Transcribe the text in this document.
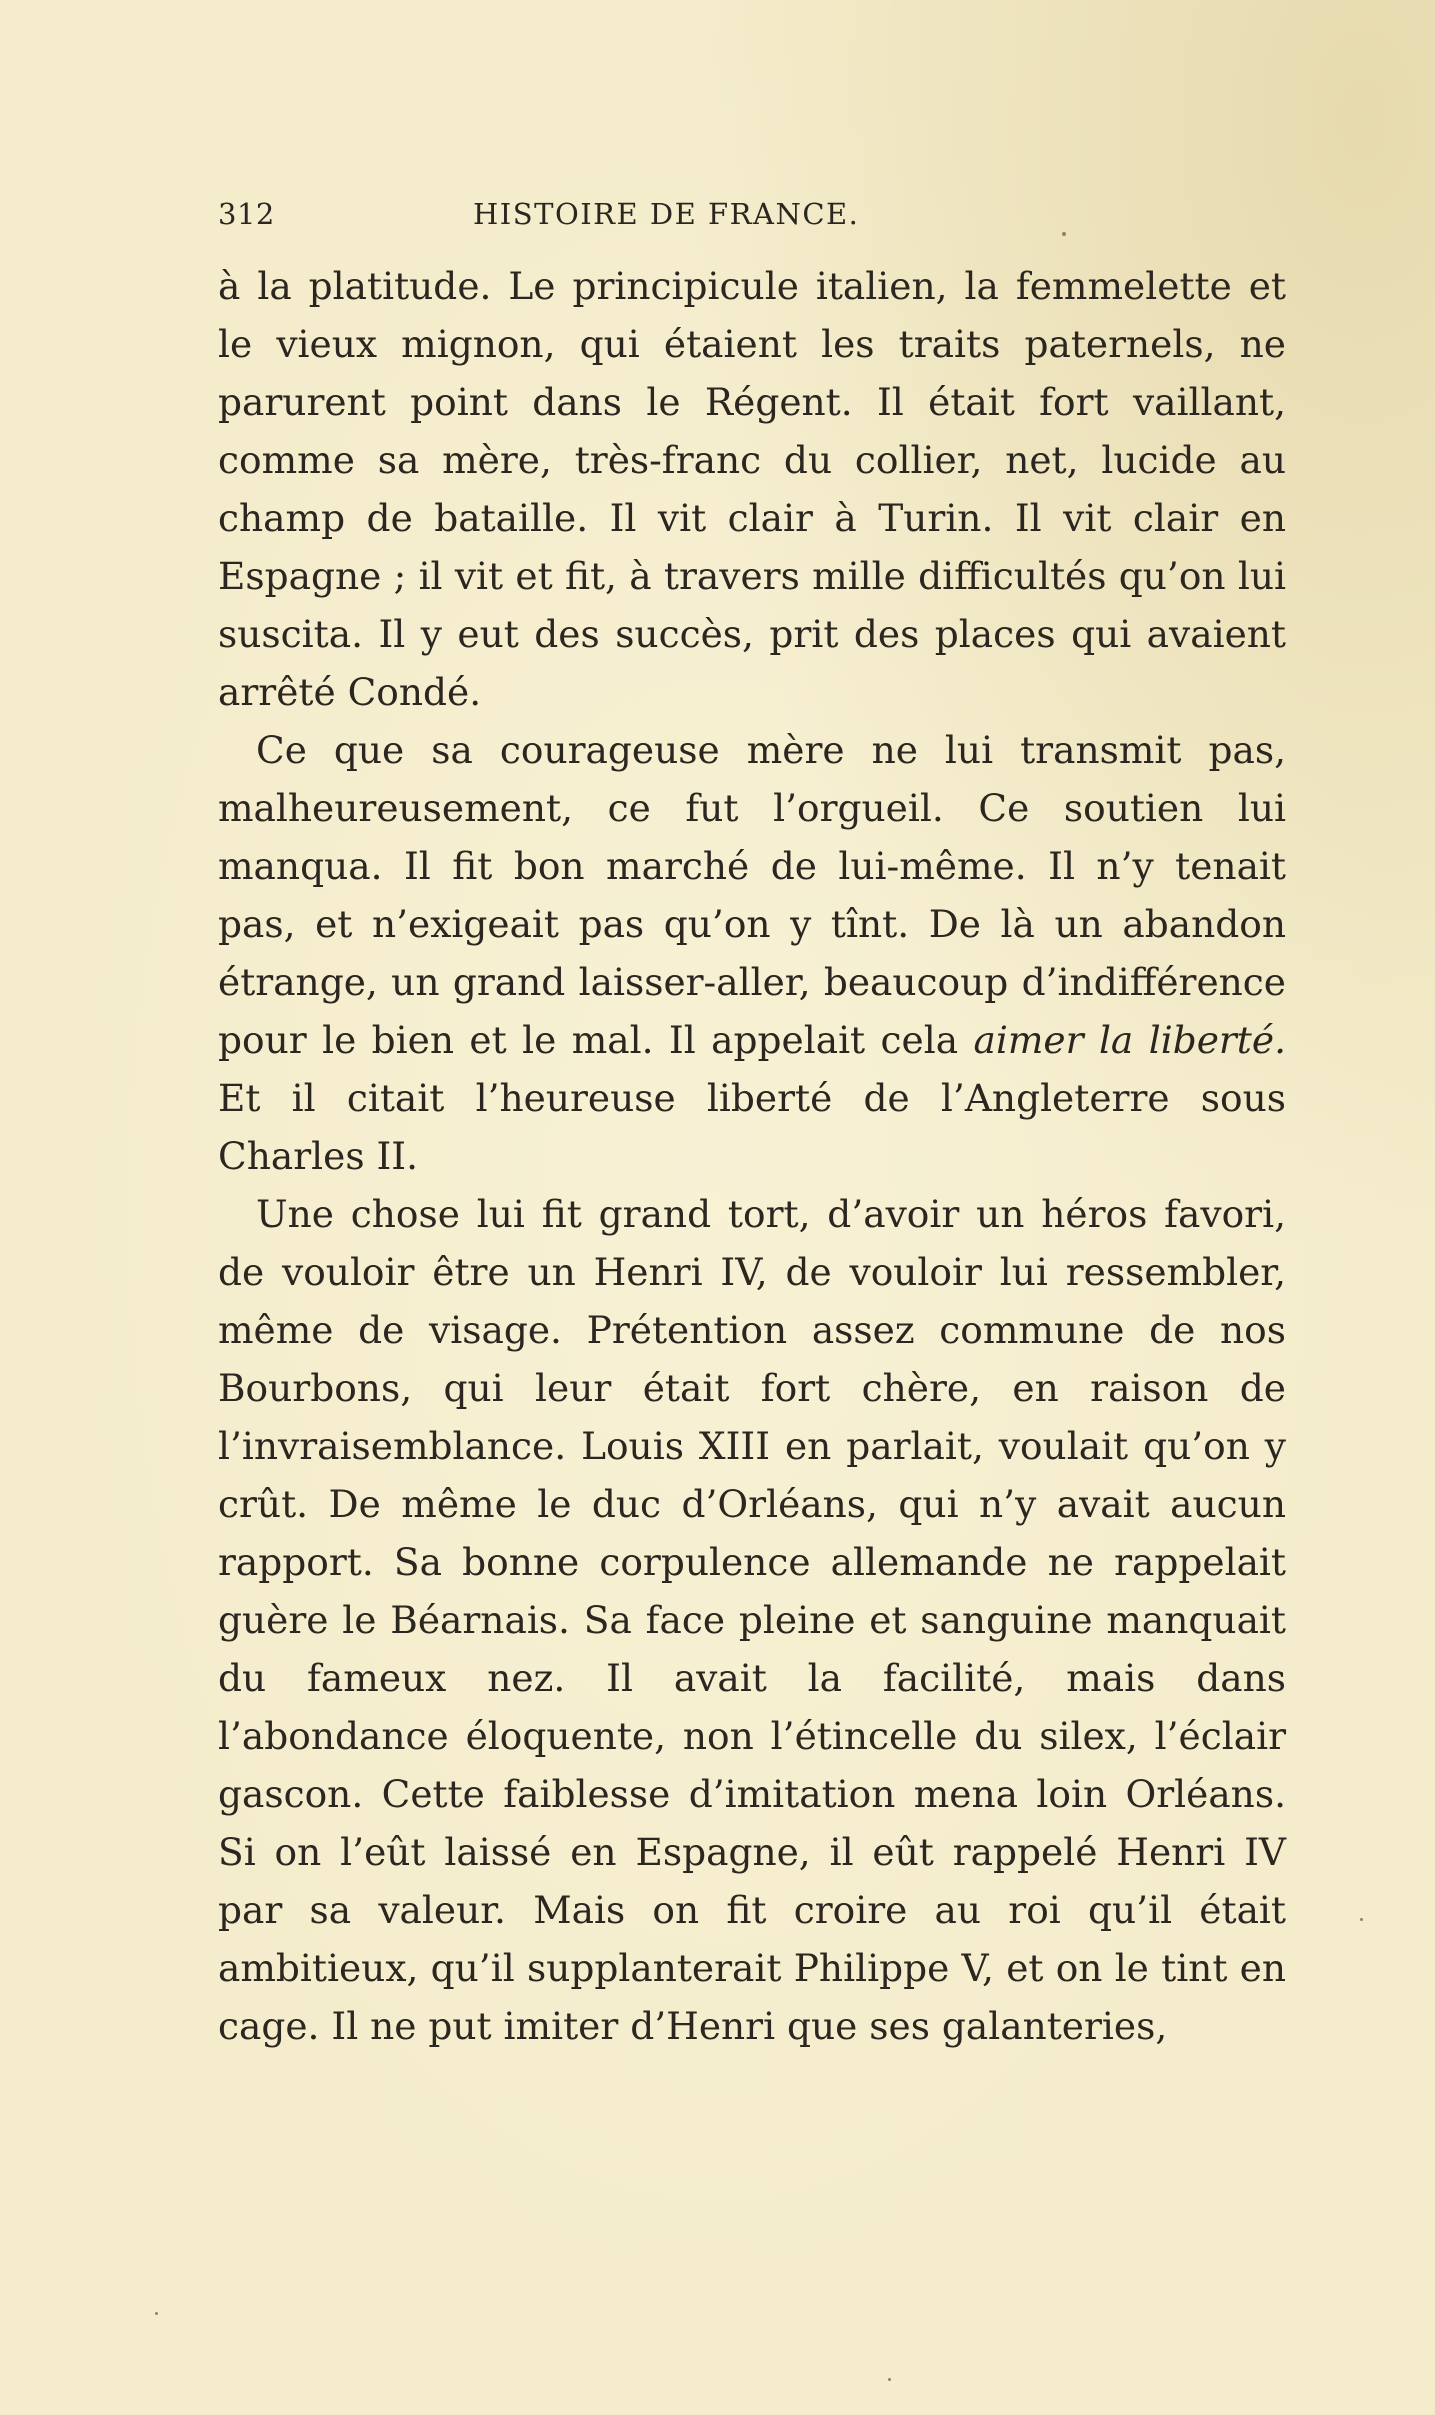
312	HISTOIRE DE FRANCE.

à la platitude. Le principicule italien, la femmelette et le vieux mignon, qui étaient les traits paternels, ne parurent point dans le Régent. Il était fort vaillant, comme sa mère, très-franc du collier, net, lucide au champ de bataille. Il vit clair à Turin. Il vit clair en Espagne ; il vit et fit, à travers mille difficultés qu’on lui suscita. Il y eut des succès, prit des places qui avaient arrêté Condé.

Ce que sa courageuse mère ne lui transmit pas, malheureusement, ce fut l’orgueil. Ce soutien lui manqua. Il fit bon marché de lui-même. Il n’y tenait pas, et n’exigeait pas qu’on y tînt. De là un abandon étrange, un grand laisser-aller, beaucoup d’indifférence pour le bien et le mal. Il appelait cela aimer la liberté. Et il citait l’heureuse liberté de l’Angleterre sous Charles II.

Une chose lui fit grand tort, d’avoir un héros favori, de vouloir être un Henri IV, de vouloir lui ressembler, même de visage. Prétention assez commune de nos Bourbons, qui leur était fort chère, en raison de l’invraisemblance. Louis XIII en parlait, voulait qu’on y crût. De même le duc d’Orléans, qui n’y avait aucun rapport. Sa bonne corpulence allemande ne rappelait guère le Béarnais. Sa face pleine et sanguine manquait du fameux nez. Il avait la facilité, mais dans l’abondance éloquente, non l’étincelle du silex, l’éclair gascon. Cette faiblesse d’imitation mena loin Orléans. Si on l’eût laissé en Espagne, il eût rappelé Henri IV par sa valeur. Mais on fit croire au roi qu’il était ambitieux, qu’il supplanterait Philippe V, et on le tint en cage. Il ne put imiter d’Henri que ses galanteries,
